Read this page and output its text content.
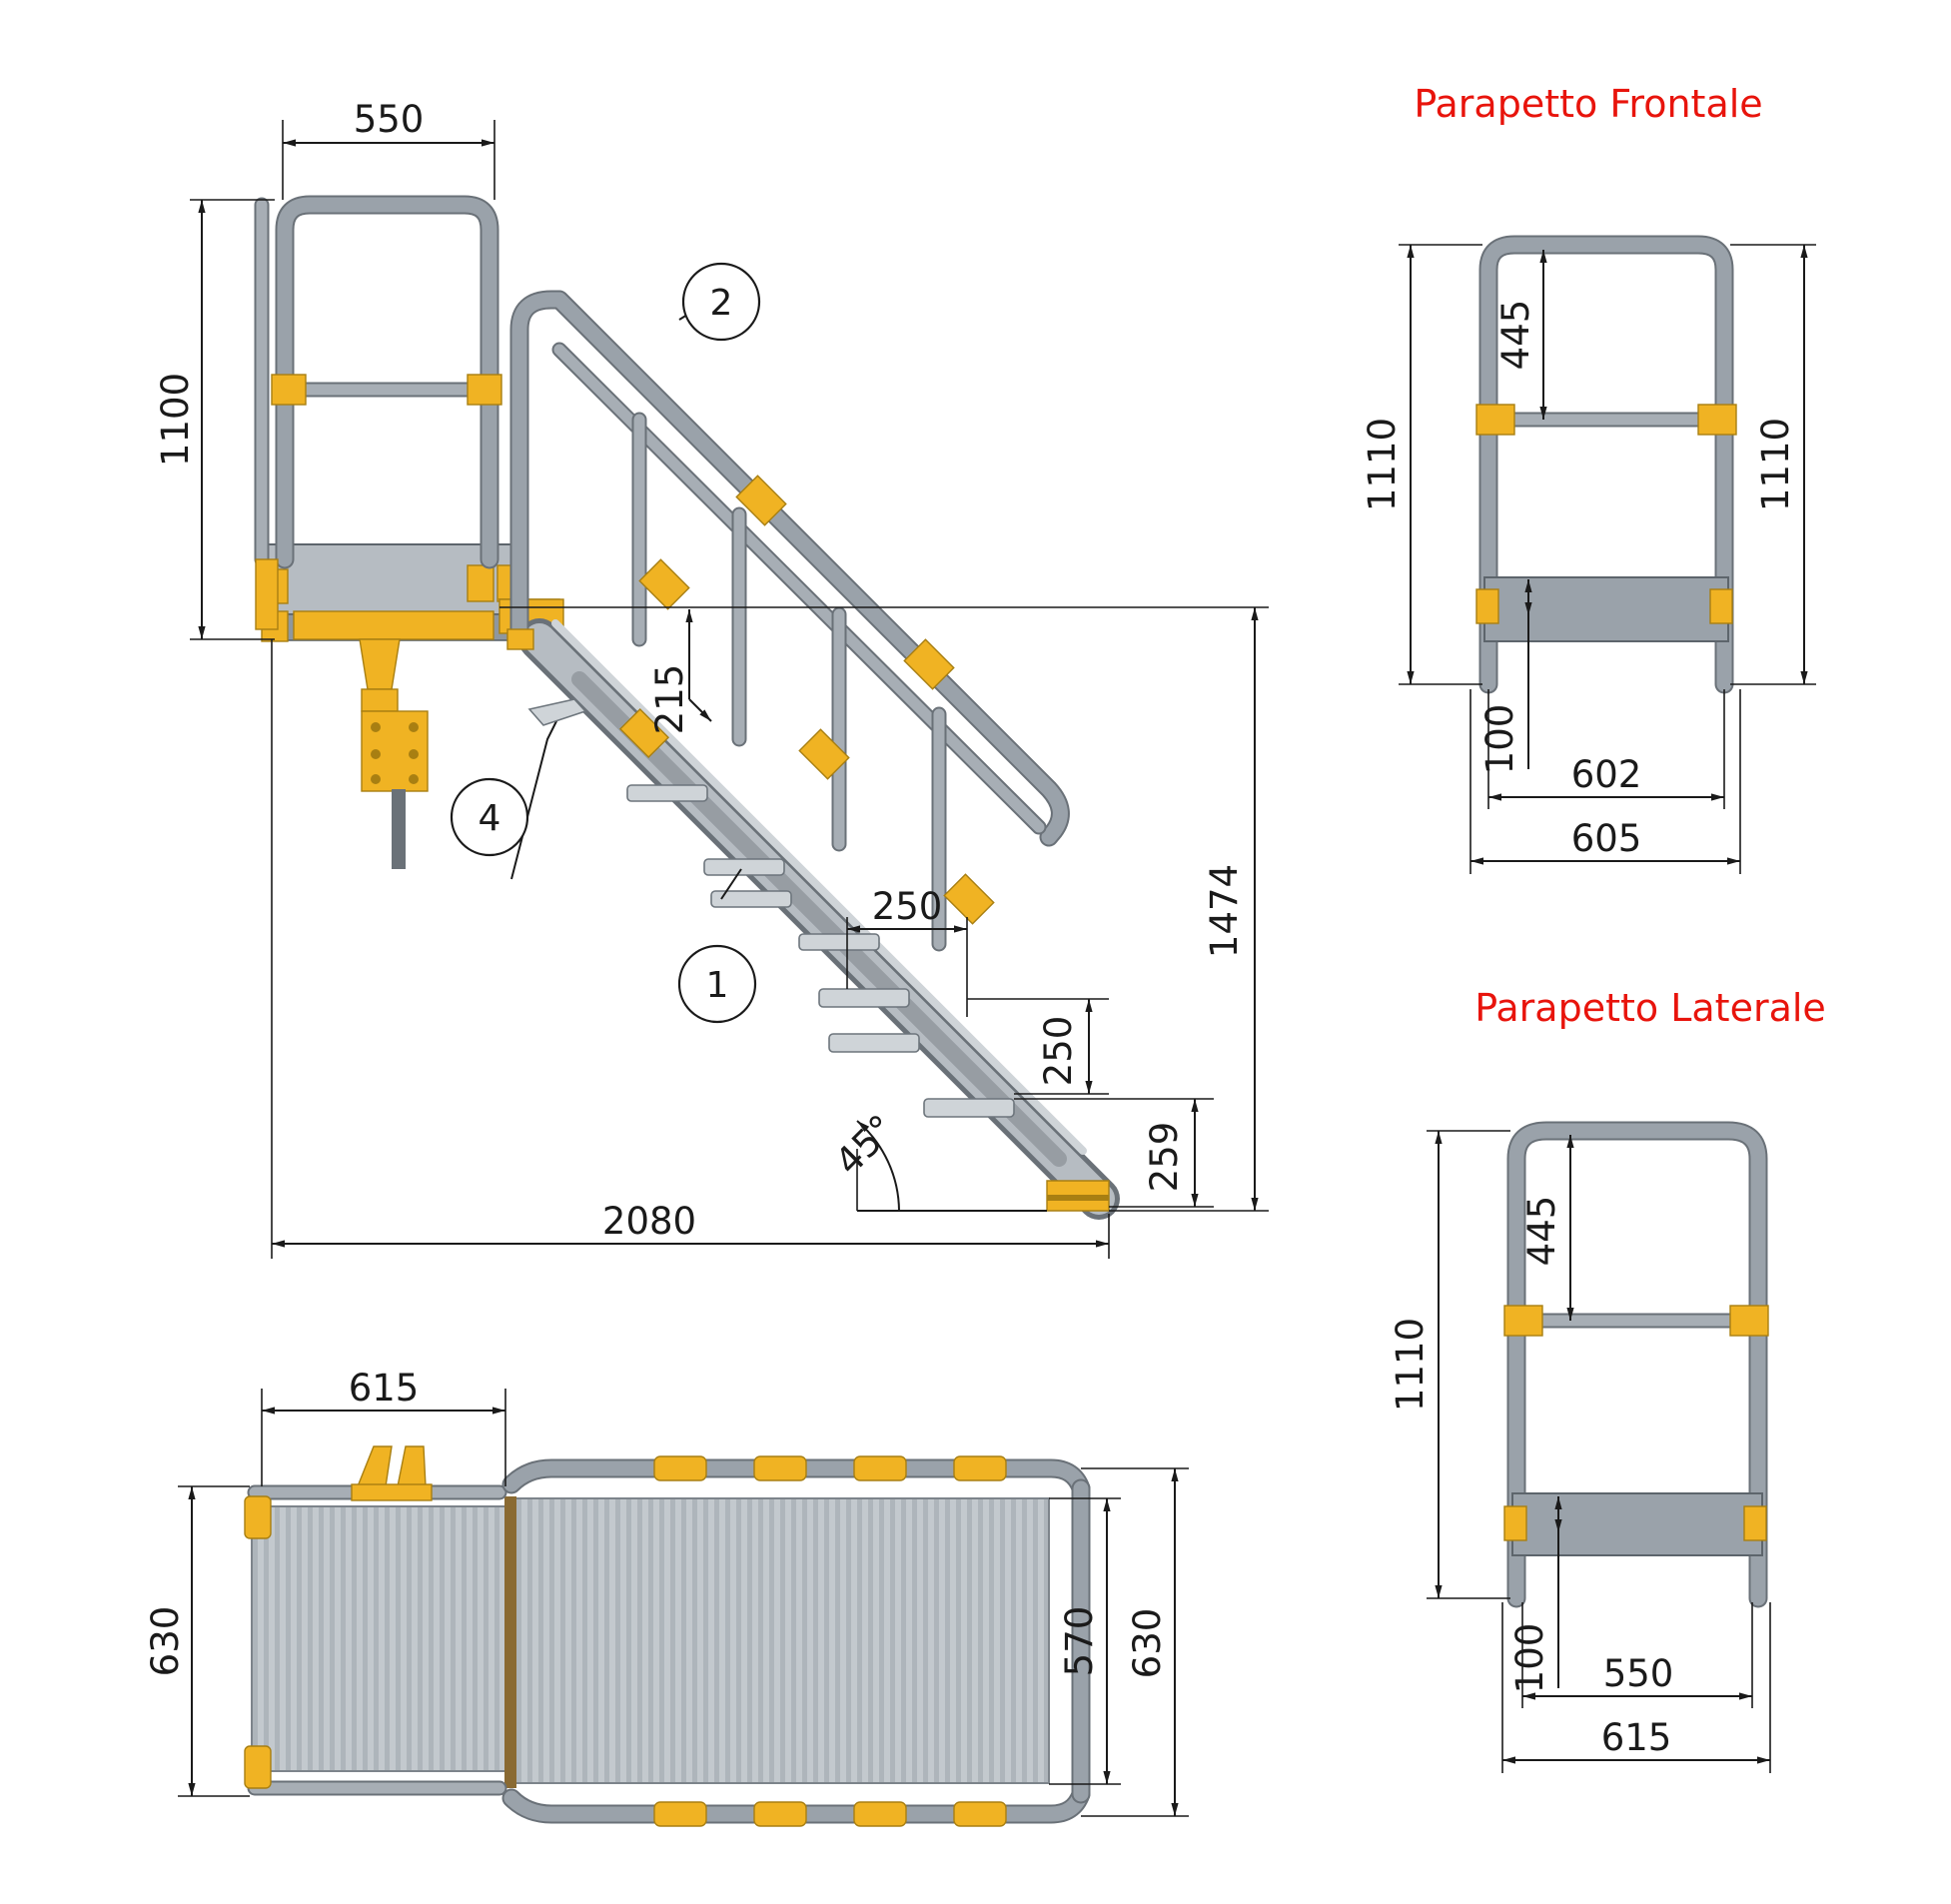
550
1100
215
250
250
259
1474
2080
45°
2
4
1
Parapetto Frontale
445
1110	1110
100
602
605
Parapetto Laterale
445
1110
100 550
615
615
630	570 630
